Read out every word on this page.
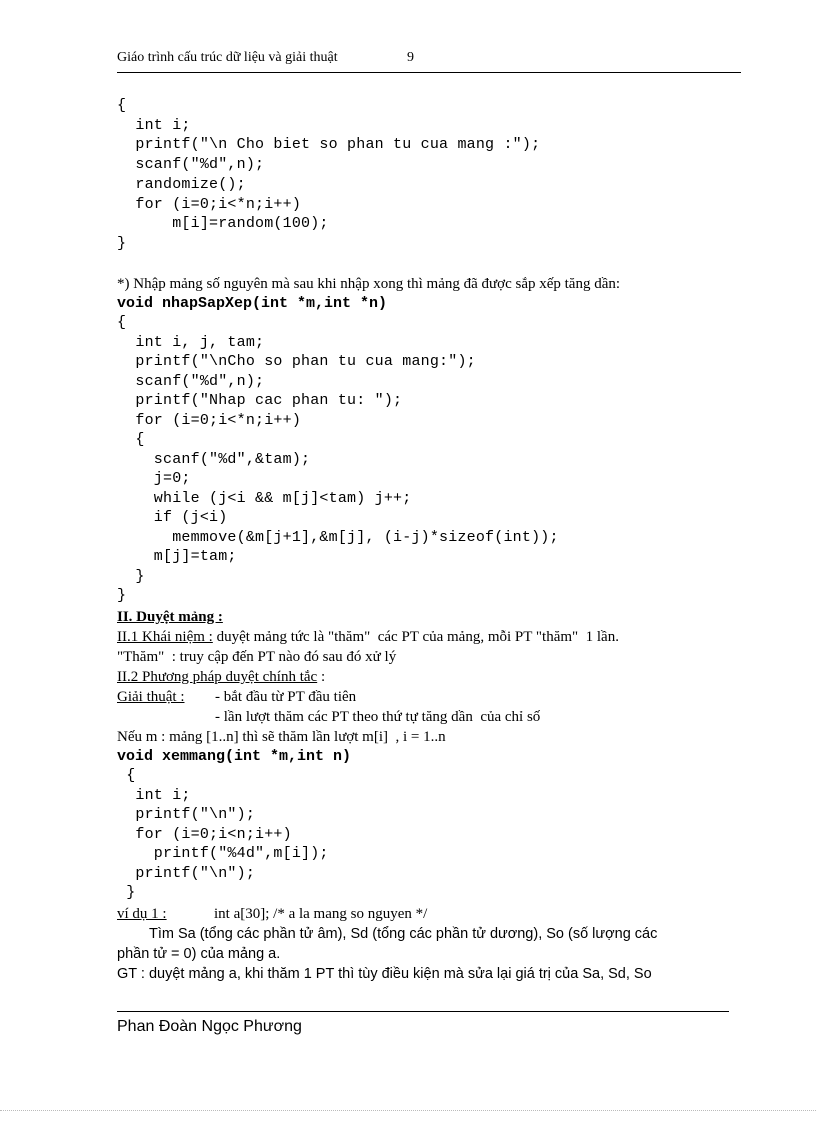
Giáo trình cấu trúc dữ liệu và giải thuật	9
{
int i;
printf("\n Cho biet so phan tu cua mang :");
scanf("%d",n);
randomize();
for (i=0;i<*n;i++)
m[i]=random(100);
}
*) Nhập mảng số nguyên mà sau khi nhập xong thì mảng đã được sắp xếp tăng dần:
void nhapSapXep(int *m,int *n)
{
int i, j, tam;
printf("\nCho so phan tu cua mang:");
scanf("%d",n);
printf("Nhap cac phan tu: ");
for (i=0;i<*n;i++)
{
scanf("%d",&tam);
j=0;
while (j<i && m[j]<tam) j++;
if (j<i)
memmove(&m[j+1],&m[j], (i-j)*sizeof(int));
m[j]=tam;
}
}
II. Duyệt mảng :
II.1 Khái niệm : duyệt mảng tức là "thăm"  các PT của mảng, mỗi PT "thăm"  1 lần.
"Thăm"  : truy cập đến PT nào đó sau đó xử lý
II.2 Phương pháp duyệt chính tắc :
Giải thuật : - bắt đầu từ PT đầu tiên
- lần lượt thăm các PT theo thứ tự tăng dần  của chỉ số
Nếu m : mảng [1..n] thì sẽ thăm lần lượt m[i]  , i = 1..n
void xemmang(int *m,int n)
{
int i;
printf("\n");
for (i=0;i<n;i++)
printf("%4d",m[i]);
printf("\n");
}
ví dụ 1 :	int a[30]; /* a la mang so nguyen */
Tìm Sa (tổng các phần tử âm), Sd (tổng các phần tử dương), So (số lượng các
phần tử = 0) của mảng a.
GT : duyệt mảng a, khi thăm 1 PT thì tùy điều kiện mà sửa lại giá trị của Sa, Sd, So
Phan Đoàn Ngọc Phương
